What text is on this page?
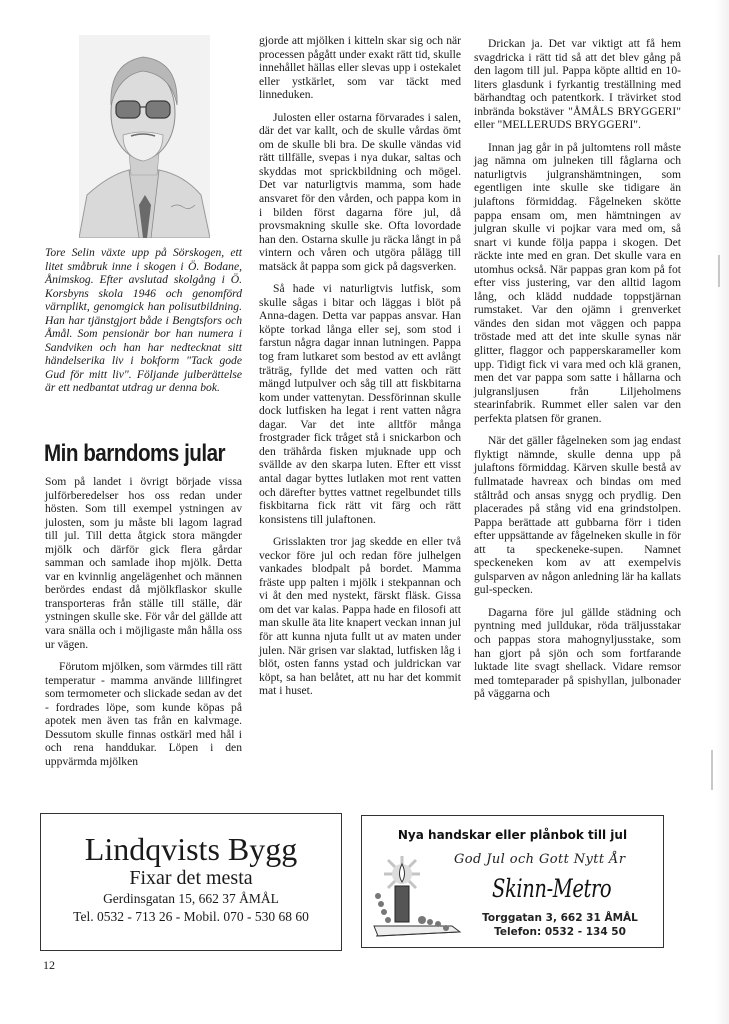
Tore Selin växte upp på Sörskogen, ett litet småbruk inne i skogen i Ö. Bodane, Ånimskog. Efter avslutad skolgång i Ö. Korsbyns skola 1946 och genomförd värnplikt, genomgick han polisutbildning. Han har tjänstgjort både i Bengtsfors och Åmål. Som pensionär bor han numera i Sandviken och han har nedtecknat sitt händelserika liv i bokform "Tack gode Gud för mitt liv". Följande julberättelse är ett nedbantat utdrag ur denna bok.
Min barndoms jular

Som på landet i övrigt började vissa julförberedelser hos oss redan under hösten. Som till exempel ystningen av julosten, som ju måste bli lagom lagrad till jul. Till detta åtgick stora mängder mjölk och därför gick flera gårdar samman och samlade ihop mjölk. Detta var en kvinnlig angelägenhet och männen berördes endast då mjölkflaskor skulle transporteras från ställe till ställe, där ystningen skulle ske. För vår del gällde att vara snälla och i möjligaste mån hålla oss ur vägen.

Förutom mjölken, som värmdes till rätt temperatur - mamma använde lillfingret som termometer och slickade sedan av det - fordrades löpe, som kunde köpas på apotek men även tas från en kalvmage. Dessutom skulle finnas ostkärl med hål i och rena handdukar. Löpen i den uppvärmda mjölken

gjorde att mjölken i kitteln skar sig och när processen pågått under exakt rätt tid, skulle innehållet hällas eller slevas upp i ostekalet eller ystkärlet, som var täckt med linneduken.

Julosten eller ostarna förvarades i salen, där det var kallt, och de skulle vårdas ömt om de skulle bli bra. De skulle vändas vid rätt tillfälle, svepas i nya dukar, saltas och skyddas mot sprickbildning och mögel. Det var naturligtvis mamma, som hade ansvaret för den vården, och pappa kom in i bilden först dagarna före jul, då provsmakning skulle ske. Ofta lovordade han den. Ostarna skulle ju räcka långt in på vintern och våren och utgöra pålägg till matsäck åt pappa som gick på dagsverken.

Så hade vi naturligtvis lutfisk, som skulle sågas i bitar och läggas i blöt på Anna-dagen. Detta var pappas ansvar. Han köpte torkad långa eller sej, som stod i farstun några dagar innan lutningen. Pappa tog fram lutkaret som bestod av ett avlångt träträg, fyllde det med vatten och rätt mängd lutpulver och såg till att fiskbitarna kom under vattenytan. Dessförinnan skulle dock lutfisken ha legat i rent vatten några dagar. Var det inte alltför många frostgrader fick tråget stå i snickarbon och den trähårda fisken mjuknade upp och svällde av den skarpa luten. Efter ett visst antal dagar byttes lutlaken mot rent vatten och därefter byttes vattnet regelbundet tills fiskbitarna fick rätt vit färg och rätt konsistens till julaftonen.

Grisslakten tror jag skedde en eller två veckor före jul och redan före julhelgen vankades blodpalt på bordet. Mamma fräste upp palten i mjölk i stekpannan och vi åt den med nystekt, färskt fläsk. Gissa om det var kalas. Pappa hade en filosofi att man skulle äta lite knapert veckan innan jul för att kunna njuta fullt ut av maten under julen. När grisen var slaktad, lutfisken låg i blöt, osten fanns ystad och juldrickan var köpt, sa han belåtet, att nu har det kommit mat i huset.

Drickan ja. Det var viktigt att få hem svagdricka i rätt tid så att det blev gång på den lagom till jul. Pappa köpte alltid en 10-liters glasdunk i fyrkantig treställning med bärhandtag och patentkork. I trävirket stod inbrända bokstäver "ÅMÅLS BRYGGERI" eller "MELLERUDS BRYGGERI".

Innan jag går in på jultomtens roll måste jag nämna om julneken till fåglarna och naturligtvis julgranshämtningen, som egentligen inte skulle ske tidigare än julaftons förmiddag. Fågelneken skötte pappa ensam om, men hämtningen av julgran skulle vi pojkar vara med om, så snart vi kunde följa pappa i skogen. Det räckte inte med en gran. Det skulle vara en utomhus också. När pappas gran kom på fot efter viss justering, var den alltid lagom lång, och klädd nuddade toppstjärnan rumstaket. Var den ojämn i grenverket vändes den sidan mot väggen och pappa tröstade med att det inte skulle synas när glitter, flaggor och papperskarameller kom upp. Tidigt fick vi vara med och klä granen, men det var pappa som satte i hållarna och julgransljusen från Liljeholmens stearinfabrik. Rummet eller salen var den perfekta platsen för granen.

När det gäller fågelneken som jag endast flyktigt nämnde, skulle denna upp på julaftons förmiddag. Kärven skulle bestå av fullmatade havreax och bindas om med ståltråd och ansas snygg och prydlig. Den placerades på stång vid ena grindstolpen. Pappa berättade att gubbarna förr i tiden efter uppsättande av fågelneken skulle in för att ta speckeneke-supen. Namnet speckeneken kom av att exempelvis gulsparven av någon anledning lär ha kallats gul-specken.

Dagarna före jul gällde städning och pyntning med julldukar, röda träljusstakar och pappas stora mahognyljusstake, som han gjort på sjön och som fortfarande luktade lite svagt shellack. Vidare remsor med tomteparader på spishyllan, julbonader på väggarna och

Lindqvists Bygg
Fixar det mesta
Gerdinsgatan 15, 662 37 ÅMÅL
Tel. 0532 - 713 26 - Mobil. 070 - 530 68 60
Nya handskar eller plånbok till jul
God Jul och Gott Nytt År
Skinn-Metro
Torggatan 3, 662 31 ÅMÅL
Telefon: 0532 - 134 50
12
